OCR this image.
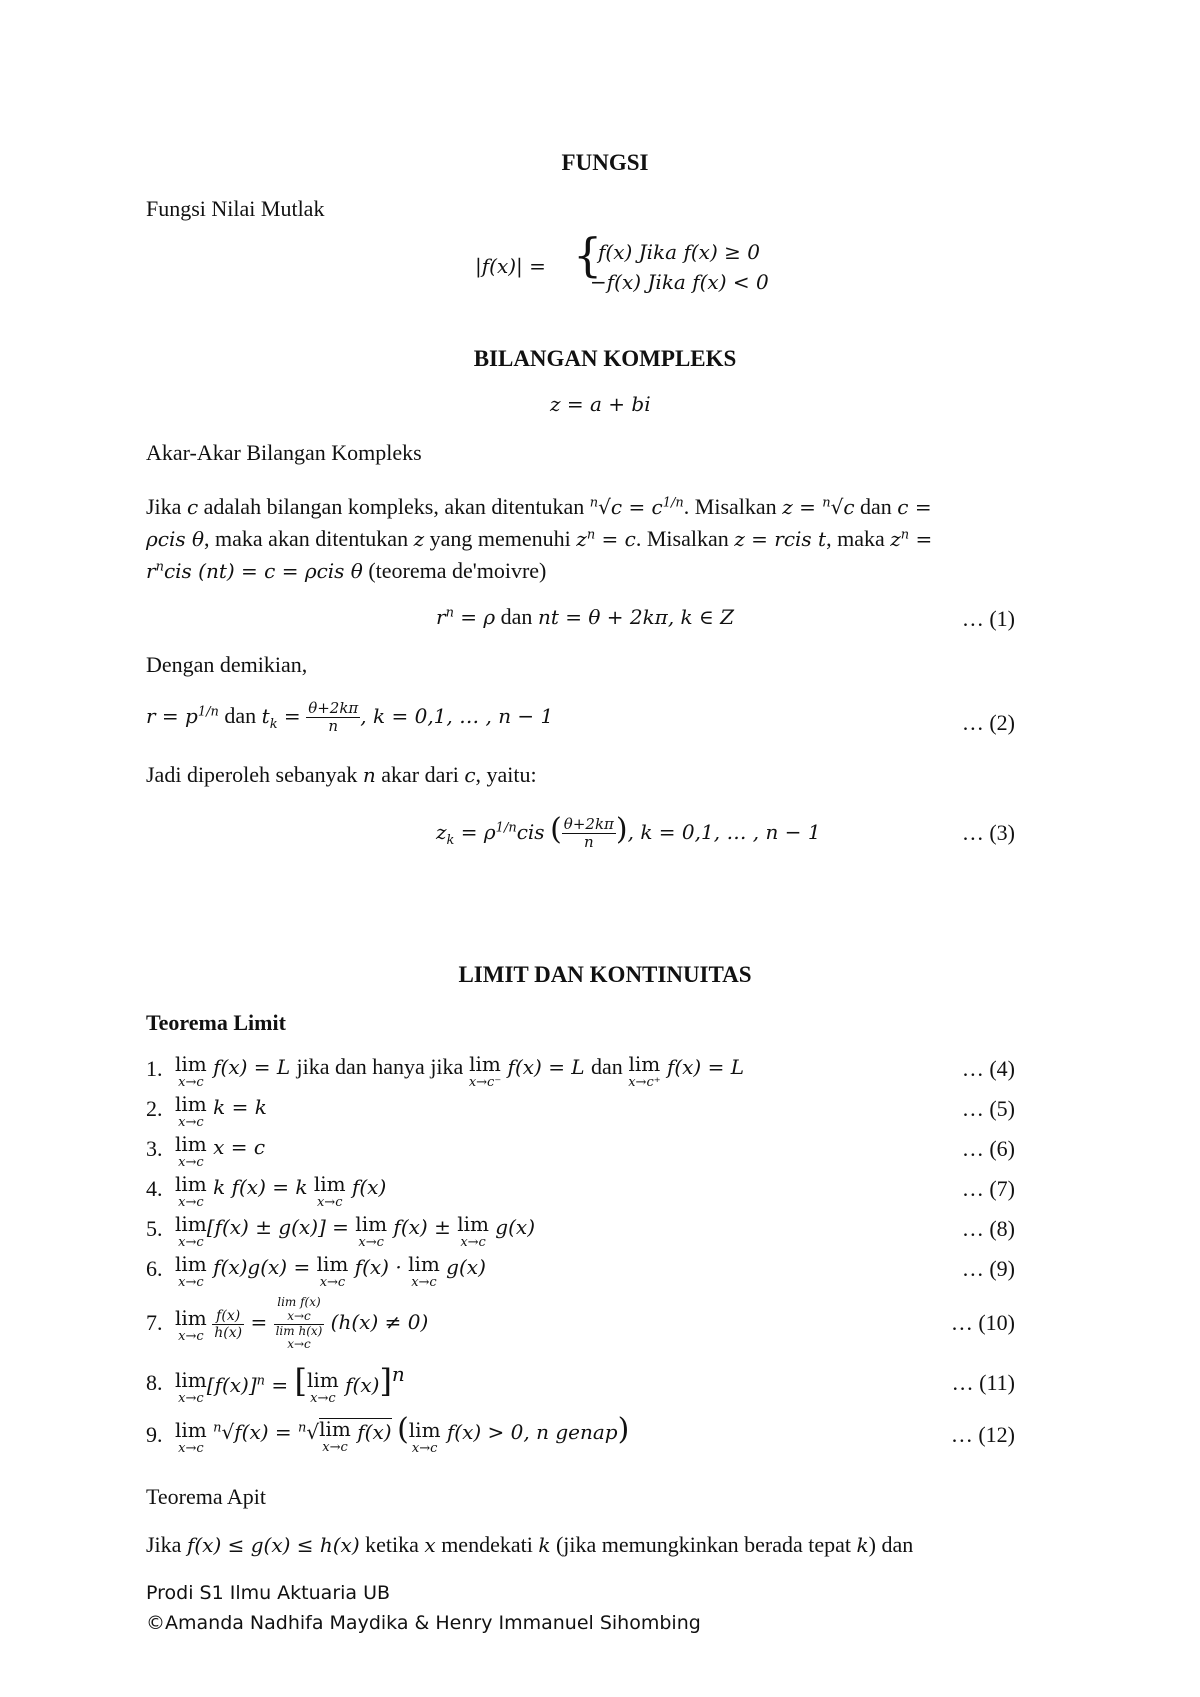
FUNGSI
Fungsi Nilai Mutlak
|f(x)| = {
f(x) Jika f(x) ≥ 0
−f(x) Jika f(x) < 0
BILANGAN KOMPLEKS
z = a + bi
Akar-Akar Bilangan Kompleks
Jika c adalah bilangan kompleks, akan ditentukan $^n√c = c^{1/n}$. Misalkan z = $^n$√c dan c =
ρcis θ, maka akan ditentukan z yang memenuhi $z^n = c$. Misalkan z = rcis t, maka $z^n$ =
$r^ncis$ (nt) = c = ρcis θ (teorema de'moivre)
$r^n = \rho$ dan nt = θ + 2kπ, k ∈ Z	… (1)
Dengan demikian,
$r = p^{1/n}$ dan $t_k = \frac{\theta+2k\pi}{n}$ , k = 0,1, … , n − 1	… (2)
Jadi diperoleh sebanyak n akar dari c, yaitu:
$z_k = \rho^{1/n}cis$ ( $\frac{\theta+2k\pi}{n}$ ), k = 0,1, … , n − 1	… (3)
LIMIT DAN KONTINUITAS
Teorema Limit
1. lim
x→c
f(x) = L jika dan hanya jika lim
x→c⁻
f(x) = L dan lim
x→c⁺
f(x) = L	… (4)
2. lim
x→c
k = k	… (5)
3. lim
x→c
x = c	… (6)
4. lim
x→c
k f(x) = k lim
x→c
f(x)	… (7)
5. lim
x→c
[f(x) ± g(x)] = lim
x→c
f(x) ± lim
x→c
g(x)	… (8)
6. lim
x→c
f(x)g(x) = lim
x→c
f(x) · lim
x→c
g(x)	… (9)
7. lim
x→c
$\frac{f(x)}{h(x)}$ =
lim f(x)
x→c
lim h(x)
x→c
(h(x) ≠ 0)	… (10)
8. lim
x→c
$[f(x)]^n$ = [ lim
x→c
f(x)]n	… (11)
9. lim
x→c
$^n$√f(x) = $^n$√ lim
x→c
f(x) ( lim
x→c
f(x) > 0, n genap)	… (12)
Teorema Apit
Jika f(x) ≤ g(x) ≤ h(x) ketika x mendekati k (jika memungkinkan berada tepat k) dan
Prodi S1 Ilmu Aktuaria UB
©Amanda Nadhifa Maydika & Henry Immanuel Sihombing
